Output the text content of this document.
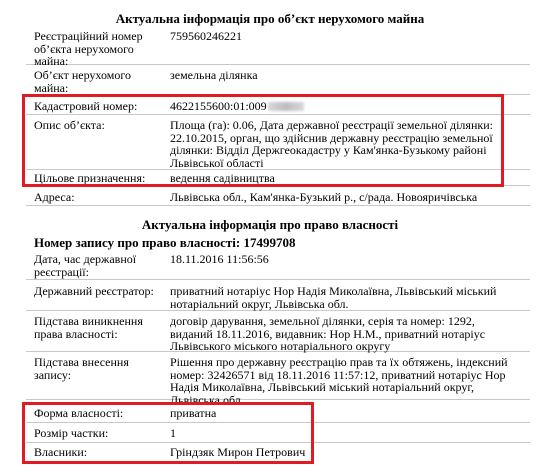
Актуальна інформація про об’єкт нерухомого майна
Реєстраційний номер об’єкта нерухомого майна:
759560246221
Об’єкт нерухомого майна:
земельна ділянка
Кадастровий номер:	4622155600:01:009
Опис об’єкта:	Площа (га): 0.06, Дата державної реєстрації земельної ділянки: 22.10.2015, орган, що здійснив державну реєстрацію земельної ділянки: Відділ Держгеокадастру у Кам'янка-Бузькому районі Львівської області
Цільове призначення:	ведення садівництва
Адреса:	Львівська обл., Кам'янка-Бузький р., с/рада. Новояричівська
Актуальна інформація про право власності
Номер запису про право власності: 17499708
Дата, час державної реєстрації:
18.11.2016 11:56:56
Державний реєстратор:	приватний нотаріус Нор Надія Миколаївна, Львівський міський нотаріальний округ, Львівська обл.
Підстава виникнення права власності:
договір дарування, земельної ділянки, серія та номер: 1292, виданий 18.11.2016, видавник: Нор Н.М., приватний нотаріус Львівського міського нотаріального округу
Підстава внесення запису:
Рішення про державну реєстрацію прав та їх обтяжень, індексний номер: 32426571 від 18.11.2016 11:57:12, приватний нотаріус Нор Надія Миколаївна, Львівський міський нотаріальний округ, Львівська обл.
Форма власності:	приватна
Розмір частки:	1
Власники:	Гріндзяк Мирон Петрович
